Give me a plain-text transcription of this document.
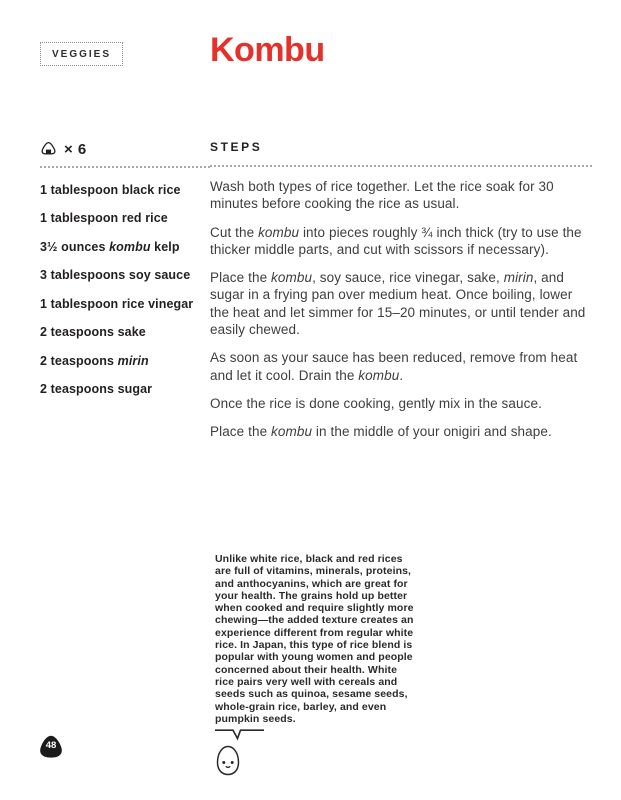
VEGGIES	Kombu
× 6
1 tablespoon black rice
1 tablespoon red rice
3½ ounces kombu kelp
3 tablespoons soy sauce
1 tablespoon rice vinegar
2 teaspoons sake
2 teaspoons mirin
2 teaspoons sugar
STEPS

Wash both types of rice together. Let the rice soak for 30 minutes before cooking the rice as usual.

Cut the kombu into pieces roughly ¾ inch thick (try to use the thicker middle parts, and cut with scissors if necessary).

Place the kombu, soy sauce, rice vinegar, sake, mirin, and sugar in a frying pan over medium heat. Once boiling, lower the heat and let simmer for 15–20 minutes, or until tender and easily chewed.

As soon as your sauce has been reduced, remove from heat and let it cool. Drain the kombu.

Once the rice is done cooking, gently mix in the sauce.

Place the kombu in the middle of your onigiri and shape.

Unlike white rice, black and red rices are full of vitamins, minerals, proteins, and anthocyanins, which are great for your health. The grains hold up better when cooked and require slightly more chewing—the added texture creates an experience different from regular white rice. In Japan, this type of rice blend is popular with young women and people concerned about their health. White rice pairs very well with cereals and seeds such as quinoa, sesame seeds, whole-grain rice, barley, and even pumpkin seeds.
48
